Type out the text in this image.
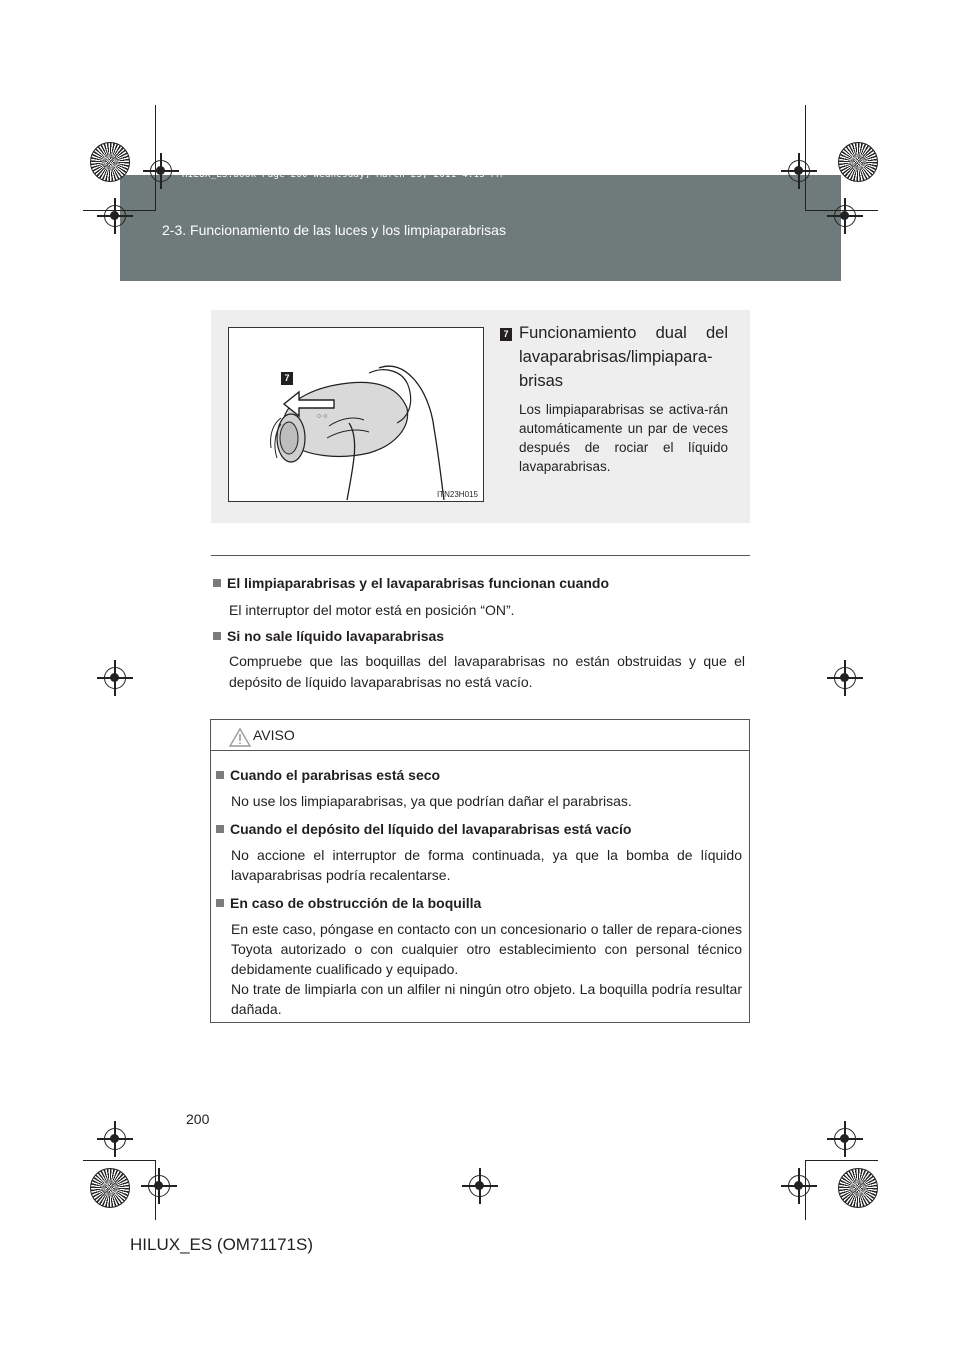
2-3. Funcionamiento de las luces y los limpiaparabrisas
HILUX_ES.book Page 200 Wednesday, March 23, 2011 4:15 PM
○ ○
7
ITN23H015
7 Funcionamiento dual del lavaparabrisas/limpiapara-brisas
Los limpiaparabrisas se activa-rán automáticamente un par de veces después de rociar el líquido lavaparabrisas.
El limpiaparabrisas y el lavaparabrisas funcionan cuando
El interruptor del motor está en posición “ON”.
Si no sale líquido lavaparabrisas
Compruebe que las boquillas del lavaparabrisas no están obstruidas y que el depósito de líquido lavaparabrisas no está vacío.
AVISO
Cuando el parabrisas está seco
No use los limpiaparabrisas, ya que podrían dañar el parabrisas.
Cuando el depósito del líquido del lavaparabrisas está vacío
No accione el interruptor de forma continuada, ya que la bomba de líquido lavaparabrisas podría recalentarse.
En caso de obstrucción de la boquilla
En este caso, póngase en contacto con un concesionario o taller de repara-ciones Toyota autorizado o con cualquier otro establecimiento con personal técnico debidamente cualificado y equipado.
No trate de limpiarla con un alfiler ni ningún otro objeto. La boquilla podría resultar dañada.
200
HILUX_ES (OM71171S)
